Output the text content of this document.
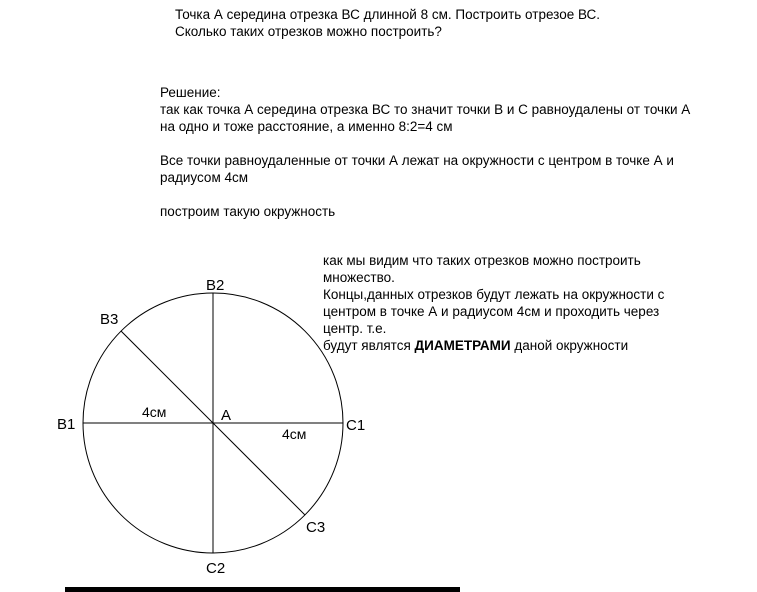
Точка А середина отрезка ВС длинной 8 см. Построить отрезое ВС.
Сколько таких отрезков можно построить?
Решение:
так как точка А середина отрезка ВС то значит точки В и С равноудалены от точки А
на одно и тоже расстояние, а именно 8:2=4 см
Все точки равноудаленные от точки А лежат на окружности с центром в точке А и
радиусом 4см
построим такую окружность
как мы видим что таких отрезков можно построить
множество.
Концы,данных отрезков будут лежать на окружности с
центром в точке А и радиусом 4см и проходить через
центр. т.е.
будут являтся ДИАМЕТРАМИ даной окружности
B1
B2
B3
C1
C2
C3
A
4см
4см
